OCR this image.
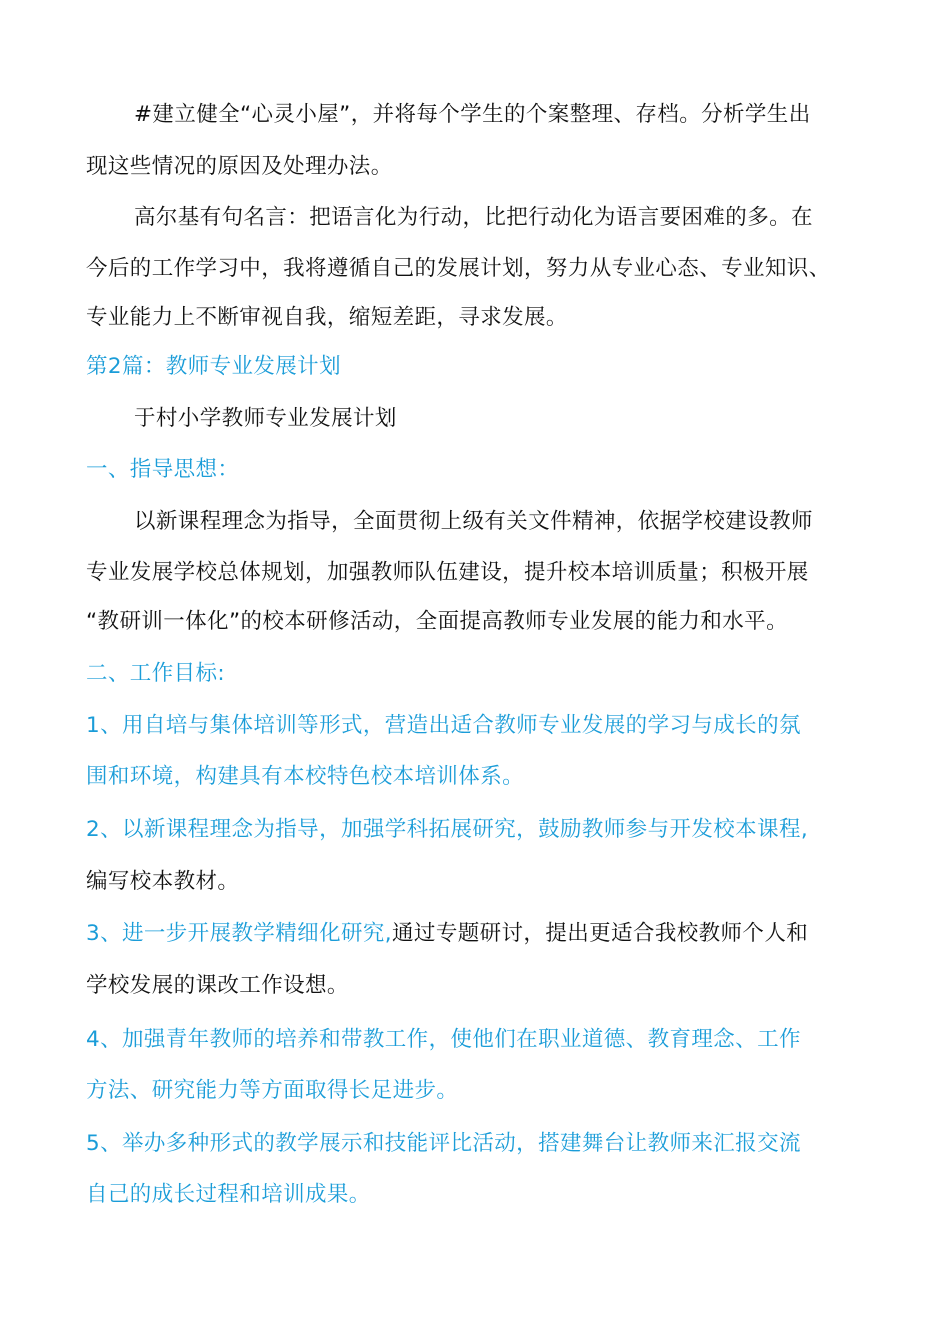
#建立健全“心灵小屋”，并将每个学生的个案整理、存档。分析学生出
现这些情况的原因及处理办法。
高尔基有句名言：把语言化为行动，比把行动化为语言要困难的多。在
今后的工作学习中，我将遵循自己的发展计划，努力从专业心态、专业知识、
专业能力上不断审视自我，缩短差距，寻求发展。
第2篇：教师专业发展计划
于村小学教师专业发展计划
一、指导思想：
以新课程理念为指导，全面贯彻上级有关文件精神，依据学校建设教师
专业发展学校总体规划，加强教师队伍建设，提升校本培训质量；积极开展
“教研训一体化”的校本研修活动，全面提高教师专业发展的能力和水平。
二、工作目标:
1、用自培与集体培训等形式，营造出适合教师专业发展的学习与成长的氛
围和环境，构建具有本校特色校本培训体系。
2、以新课程理念为指导，加强学科拓展研究，鼓励教师参与开发校本课程,
编写校本教材。
3、进一步开展教学精细化研究,通过专题研讨，提出更适合我校教师个人和
学校发展的课改工作设想。
4、加强青年教师的培养和带教工作，使他们在职业道德、教育理念、工作
方法、研究能力等方面取得长足进步。
5、举办多种形式的教学展示和技能评比活动，搭建舞台让教师来汇报交流
自己的成长过程和培训成果。
